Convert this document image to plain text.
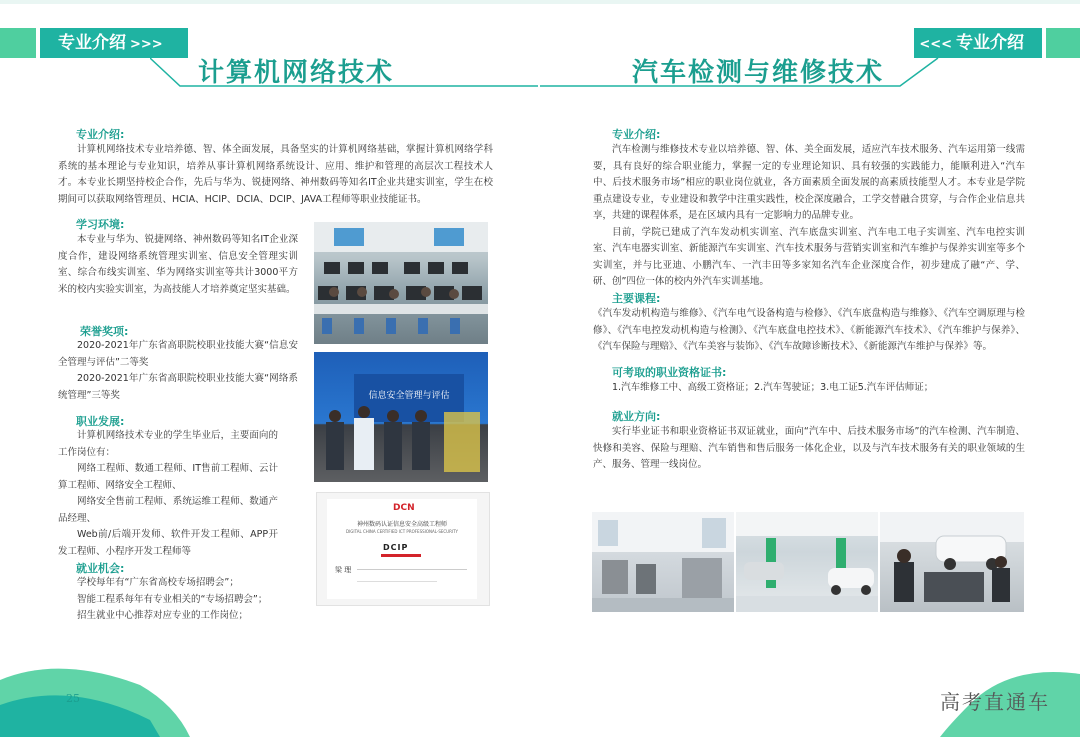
专业介绍 >>>
计算机网络技术
<<< 专业介绍
汽车检测与维修技术
专业介绍:
计算机网络技术专业培养德、智、体全面发展，具备坚实的计算机网络基础，掌握计算机网络学科系统的基本理论与专业知识，培养从事计算机网络系统设计、应用、维护和管理的高层次工程技术人才。本专业长期坚持校企合作，先后与华为、锐捷网络、神州数码等知名IT企业共建实训室，学生在校期间可以获取网络管理员、HCIA、HCIP、DCIA、DCIP、JAVA工程师等职业技能证书。
学习环境:
本专业与华为、锐捷网络、神州数码等知名IT企业深度合作，建设网络系统管理实训室、信息安全管理实训室、综合布线实训室、华为网络实训室等共计3000平方米的校内实验实训室，为高技能人才培养奠定坚实基础。
荣誉奖项:

2020-2021年广东省高职院校职业技能大赛“信息安全管理与评估”二等奖

2020-2021年广东省高职院校职业技能大赛“网络系统管理”三等奖

职业发展:

计算机网络技术专业的学生毕业后，主要面向的工作岗位有：

网络工程师、数通工程师、IT售前工程师、云计算工程师、网络安全工程师、

网络安全售前工程师、系统运维工程师、数通产品经理、

Web前/后端开发师、软件开发工程师、APP开发工程师、小程序开发工程师等

就业机会:

学校每年有“广东省高校专场招聘会”；

智能工程系每年有专业相关的“专场招聘会”；

招生就业中心推荐对应专业的工作岗位；

信息安全管理与评估
DCN
神州数码认证信息安全高级工程师
DIGITAL CHINA CERTIFIED ICT PROFESSIONAL-SECURITY
DCIP
梁 理
专业介绍:

汽车检测与维修技术专业以培养德、智、体、美全面发展，适应汽车技术服务、汽车运用第一线需要，具有良好的综合职业能力，掌握一定的专业理论知识、具有较强的实践能力，能顺利进入“汽车中、后技术服务市场”相应的职业岗位就业，各方面素质全面发展的高素质技能型人才。本专业是学院重点建设专业，专业建设和教学中注重实践性，校企深度融合，工学交替融合贯穿，与合作企业信息共享，共建的课程体系，是在区域内具有一定影响力的品牌专业。

目前，学院已建成了汽车发动机实训室、汽车底盘实训室、汽车电工电子实训室、汽车电控实训室、汽车电器实训室、新能源汽车实训室、汽车技术服务与营销实训室和汽车维护与保养实训室等多个实训室，并与比亚迪、小鹏汽车、一汽丰田等多家知名汽车企业深度合作，初步建成了融“产、学、研、创”四位一体的校内外汽车实训基地。

主要课程:
《汽车发动机构造与维修》、《汽车电气设备构造与检修》、《汽车底盘构造与维修》、《汽车空调原理与检修》、《汽车电控发动机构造与检测》、《汽车底盘电控技术》、《新能源汽车技术》、《汽车维护与保养》、《汽车保险与理赔》、《汽车美容与装饰》、《汽车故障诊断技术》、《新能源汽车维护与保养》等。
可考取的职业资格证书:
1.汽车维修工中、高级工资格证；2.汽车驾驶证；3.电工证5.汽车评估师证；
就业方向:
实行毕业证书和职业资格证书双证就业，面向“汽车中、后技术服务市场”的汽车检测、汽车制造、快修和美容、保险与理赔、汽车销售和售后服务一体化企业，以及与汽车技术服务有关的职业领域的生产、服务、管理一线岗位。
25	高考直通车
